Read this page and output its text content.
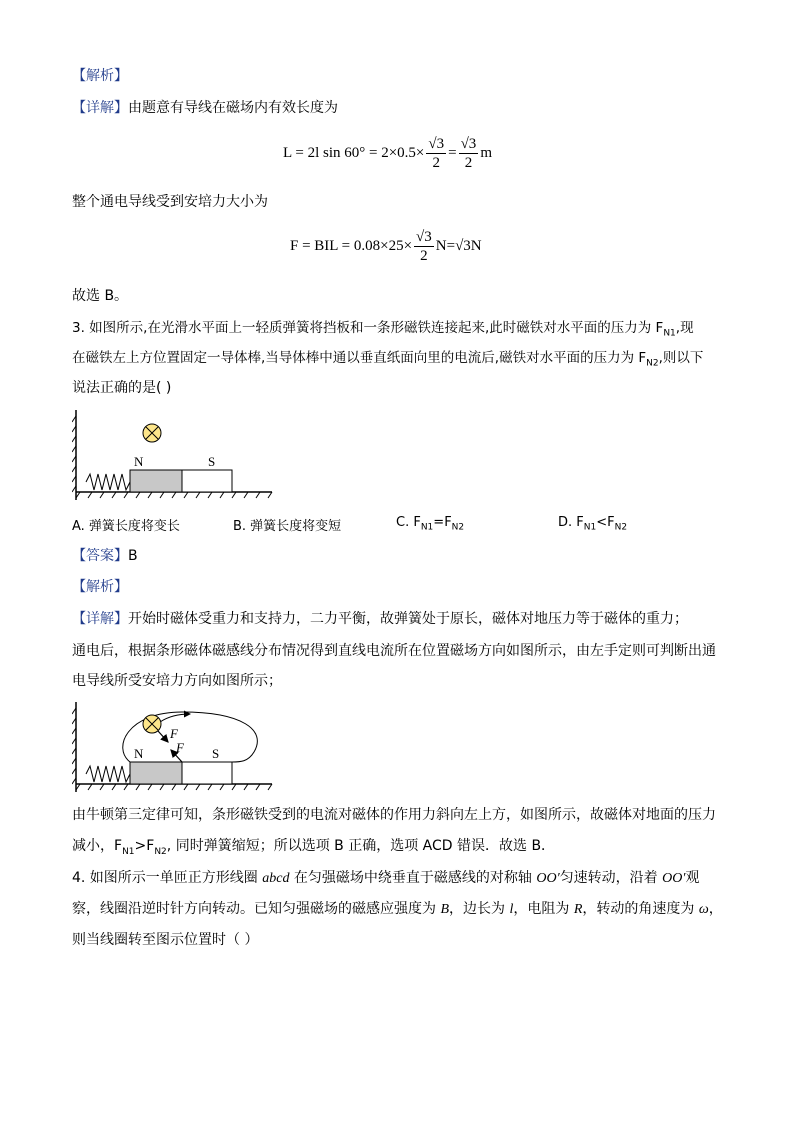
【解析】
【详解】由题意有导线在磁场内有效长度为
L = 2l $\sin 60^\circ = 2\times 0.5\times \frac{√3}{2} = \frac{√3}{2}$ m
整个通电导线受到安培力大小为
F = BIL = $0.08\times 25\times \frac{√3}{2} N=√3N$
故选 B。
3. 如图所示,在光滑水平面上一轻质弹簧将挡板和一条形磁铁连接起来,此时磁铁对水平面的压力为 $F_{N1}$,现
在磁铁左上方位置固定一导体棒,当导体棒中通以垂直纸面向里的电流后,磁铁对水平面的压力为 $F_{N2}$,则以下
说法正确的是( )
N	S
A. 弹簧长度将变长	B. 弹簧长度将变短	C. $F_{N1}=F_{N2}$	D. $F_{N1}<F_{N2}$
【答案】B
【解析】
【详解】开始时磁体受重力和支持力，二力平衡，故弹簧处于原长，磁体对地压力等于磁体的重力；
通电后，根据条形磁体磁感线分布情况得到直线电流所在位置磁场方向如图所示，由左手定则可判断出通
电导线所受安培力方向如图所示；
N	S
F
F
由牛顿第三定律可知，条形磁铁受到的电流对磁体的作用力斜向左上方，如图所示，故磁体对地面的压力
减小，$F_{N1}>F_{N2}$, 同时弹簧缩短；所以选项 B 正确，选项 ACD 错误．故选 B．
4. 如图所示一单匝正方形线圈 abcd 在匀强磁场中绕垂直于磁感线的对称轴 OO′匀速转动，沿着 OO′观
察，线圈沿逆时针方向转动。已知匀强磁场的磁感应强度为 B，边长为 l，电阻为 R，转动的角速度为 ω，
则当线圈转至图示位置时（ ）
